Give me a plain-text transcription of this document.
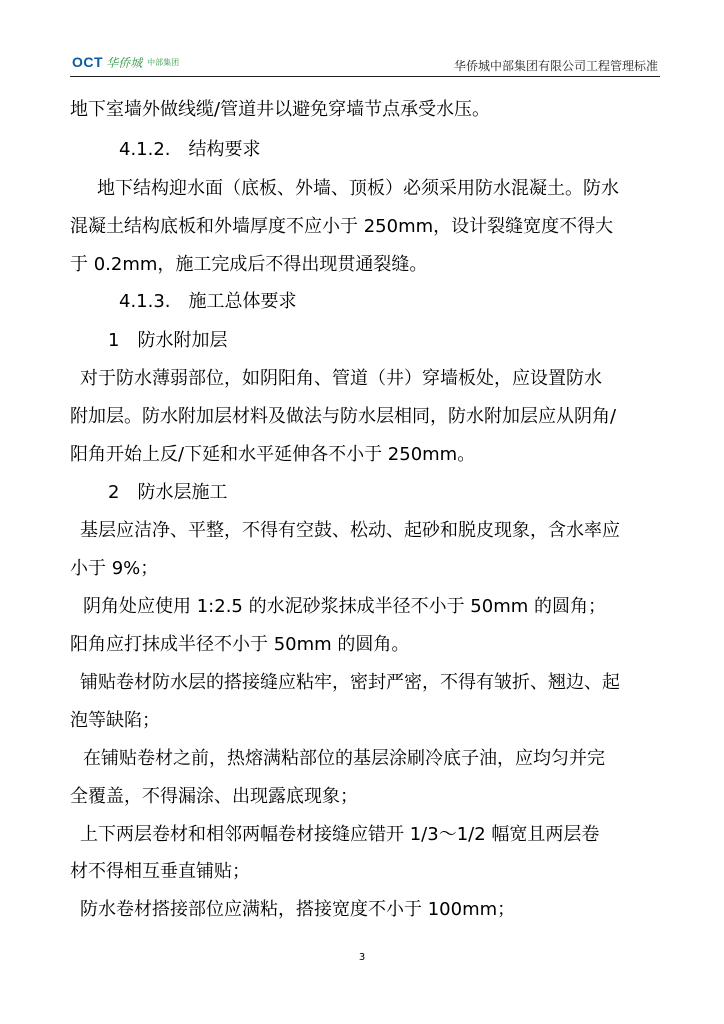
OCT 华侨城 中部集团	华侨城中部集团有限公司工程管理标准
地下室墙外做线缆/管道井以避免穿墙节点承受水压。
4.1.2.　结构要求
地下结构迎水面（底板、外墙、顶板）必须采用防水混凝土。防水
混凝土结构底板和外墙厚度不应小于 250mm，设计裂缝宽度不得大
于 0.2mm，施工完成后不得出现贯通裂缝。
4.1.3.　施工总体要求
1　防水附加层
对于防水薄弱部位，如阴阳角、管道（井）穿墙板处，应设置防水
附加层。防水附加层材料及做法与防水层相同，防水附加层应从阴角/
阳角开始上反/下延和水平延伸各不小于 250mm。
2　防水层施工
基层应洁净、平整，不得有空鼓、松动、起砂和脱皮现象，含水率应
小于 9%；
阴角处应使用 1:2.5 的水泥砂浆抹成半径不小于 50mm 的圆角；
阳角应打抹成半径不小于 50mm 的圆角。
铺贴卷材防水层的搭接缝应粘牢，密封严密，不得有皱折、翘边、起
泡等缺陷；
在铺贴卷材之前，热熔满粘部位的基层涂刷冷底子油，应均匀并完
全覆盖，不得漏涂、出现露底现象；
上下两层卷材和相邻两幅卷材接缝应错开 1/3～1/2 幅宽且两层卷
材不得相互垂直铺贴；
防水卷材搭接部位应满粘，搭接宽度不小于 100mm；
3
